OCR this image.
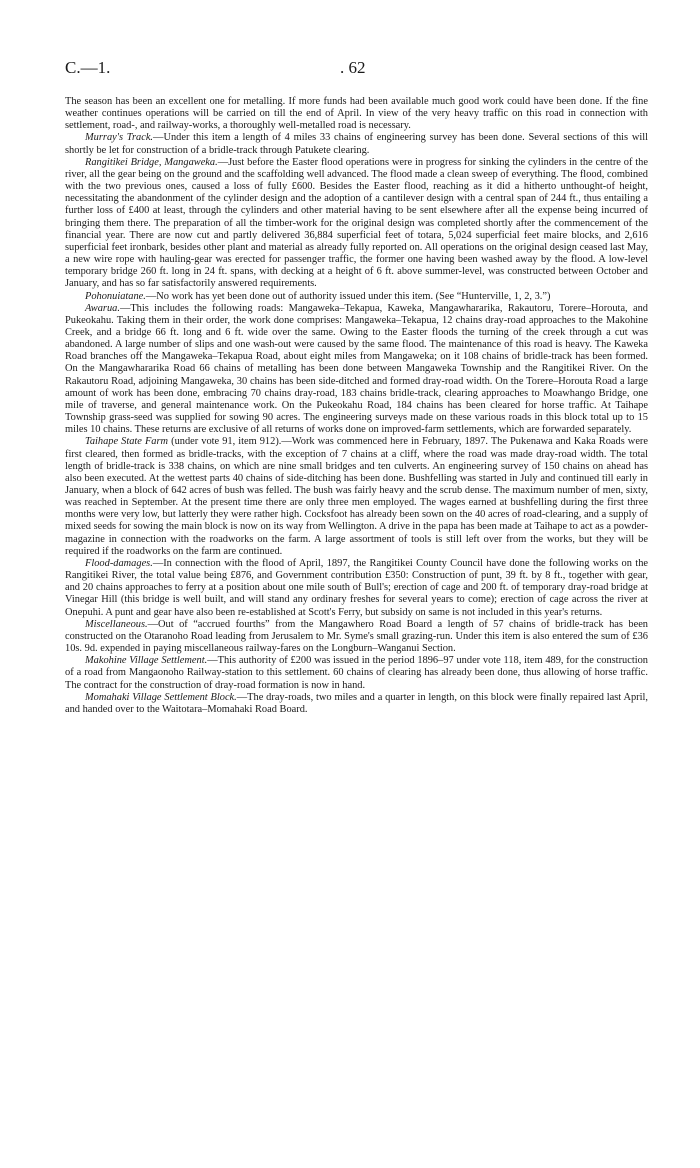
C.—1.	. 62

The season has been an excellent one for metalling. If more funds had been available much good work could have been done. If the fine weather continues operations will be carried on till the end of April. In view of the very heavy traffic on this road in connection with settlement, road-, and railway-works, a thoroughly well-metalled road is necessary.

Murray's Track.—Under this item a length of 4 miles 33 chains of engineering survey has been done. Several sections of this will shortly be let for construction of a bridle-track through Patukete clearing.

Rangitikei Bridge, Mangaweka.—Just before the Easter flood operations were in progress for sinking the cylinders in the centre of the river, all the gear being on the ground and the scaffolding well advanced. The flood made a clean sweep of everything. The flood, combined with the two previous ones, caused a loss of fully £600. Besides the Easter flood, reaching as it did a hitherto unthought-of height, necessitating the abandonment of the cylinder design and the adoption of a cantilever design with a central span of 244 ft., thus entailing a further loss of £400 at least, through the cylinders and other material having to be sent elsewhere after all the expense being incurred of bringing them there. The preparation of all the timber-work for the original design was completed shortly after the commencement of the financial year. There are now cut and partly delivered 36,884 superficial feet of totara, 5,024 superficial feet maire blocks, and 2,616 superficial feet ironbark, besides other plant and material as already fully reported on. All operations on the original design ceased last May, a new wire rope with hauling-gear was erected for passenger traffic, the former one having been washed away by the flood. A low-level temporary bridge 260 ft. long in 24 ft. spans, with decking at a height of 6 ft. above summer-level, was constructed between October and January, and has so far satisfactorily answered requirements.

Pohonuiatane.—No work has yet been done out of authority issued under this item. (See “Hunterville, 1, 2, 3.”)

Awarua.—This includes the following roads: Mangaweka–Tekapua, Kaweka, Mangawhararika, Rakautoru, Torere–Horouta, and Pukeokahu. Taking them in their order, the work done comprises: Mangaweka–Tekapua, 12 chains dray-road approaches to the Makohine Creek, and a bridge 66 ft. long and 6 ft. wide over the same. Owing to the Easter floods the turning of the creek through a cut was abandoned. A large number of slips and one wash-out were caused by the same flood. The maintenance of this road is heavy. The Kaweka Road branches off the Mangaweka–Tekapua Road, about eight miles from Mangaweka; on it 108 chains of bridle-track has been formed. On the Mangawhararika Road 66 chains of metalling has been done between Mangaweka Township and the Rangitikei River. On the Rakautoru Road, adjoining Mangaweka, 30 chains has been side-ditched and formed dray-road width. On the Torere–Horouta Road a large amount of work has been done, embracing 70 chains dray-road, 183 chains bridle-track, clearing approaches to Moawhango Bridge, one mile of traverse, and general maintenance work. On the Pukeokahu Road, 184 chains has been cleared for horse traffic. At Taihape Township grass-seed was supplied for sowing 90 acres. The engineering surveys made on these various roads in this block total up to 15 miles 10 chains. These returns are exclusive of all returns of works done on improved-farm settlements, which are forwarded separately.

Taihape State Farm (under vote 91, item 912).—Work was commenced here in February, 1897. The Pukenawa and Kaka Roads were first cleared, then formed as bridle-tracks, with the exception of 7 chains at a cliff, where the road was made dray-road width. The total length of bridle-track is 338 chains, on which are nine small bridges and ten culverts. An engineering survey of 150 chains on ahead has also been executed. At the wettest parts 40 chains of side-ditching has been done. Bushfelling was started in July and continued till early in January, when a block of 642 acres of bush was felled. The bush was fairly heavy and the scrub dense. The maximum number of men, sixty, was reached in September. At the present time there are only three men employed. The wages earned at bushfelling during the first three months were very low, but latterly they were rather high. Cocksfoot has already been sown on the 40 acres of road-clearing, and a supply of mixed seeds for sowing the main block is now on its way from Wellington. A drive in the papa has been made at Taihape to act as a powder-magazine in connection with the roadworks on the farm. A large assortment of tools is still left over from the works, but they will be required if the roadworks on the farm are continued.

Flood-damages.—In connection with the flood of April, 1897, the Rangitikei County Council have done the following works on the Rangitikei River, the total value being £876, and Government contribution £350: Construction of punt, 39 ft. by 8 ft., together with gear, and 20 chains approaches to ferry at a position about one mile south of Bull's; erection of cage and 200 ft. of temporary dray-road bridge at Vinegar Hill (this bridge is well built, and will stand any ordinary freshes for several years to come); erection of cage across the river at Onepuhi. A punt and gear have also been re-established at Scott's Ferry, but subsidy on same is not included in this year's returns.

Miscellaneous.—Out of “accrued fourths” from the Mangawhero Road Board a length of 57 chains of bridle-track has been constructed on the Otaranoho Road leading from Jerusalem to Mr. Syme's small grazing-run. Under this item is also entered the sum of £36 10s. 9d. expended in paying miscellaneous railway-fares on the Longburn–Wanganui Section.

Makohine Village Settlement.—This authority of £200 was issued in the period 1896–97 under vote 118, item 489, for the construction of a road from Mangaonoho Railway-station to this settlement. 60 chains of clearing has already been done, thus allowing of horse traffic. The contract for the construction of dray-road formation is now in hand.

Momahaki Village Settlement Block.—The dray-roads, two miles and a quarter in length, on this block were finally repaired last April, and handed over to the Waitotara–Momahaki Road Board.
